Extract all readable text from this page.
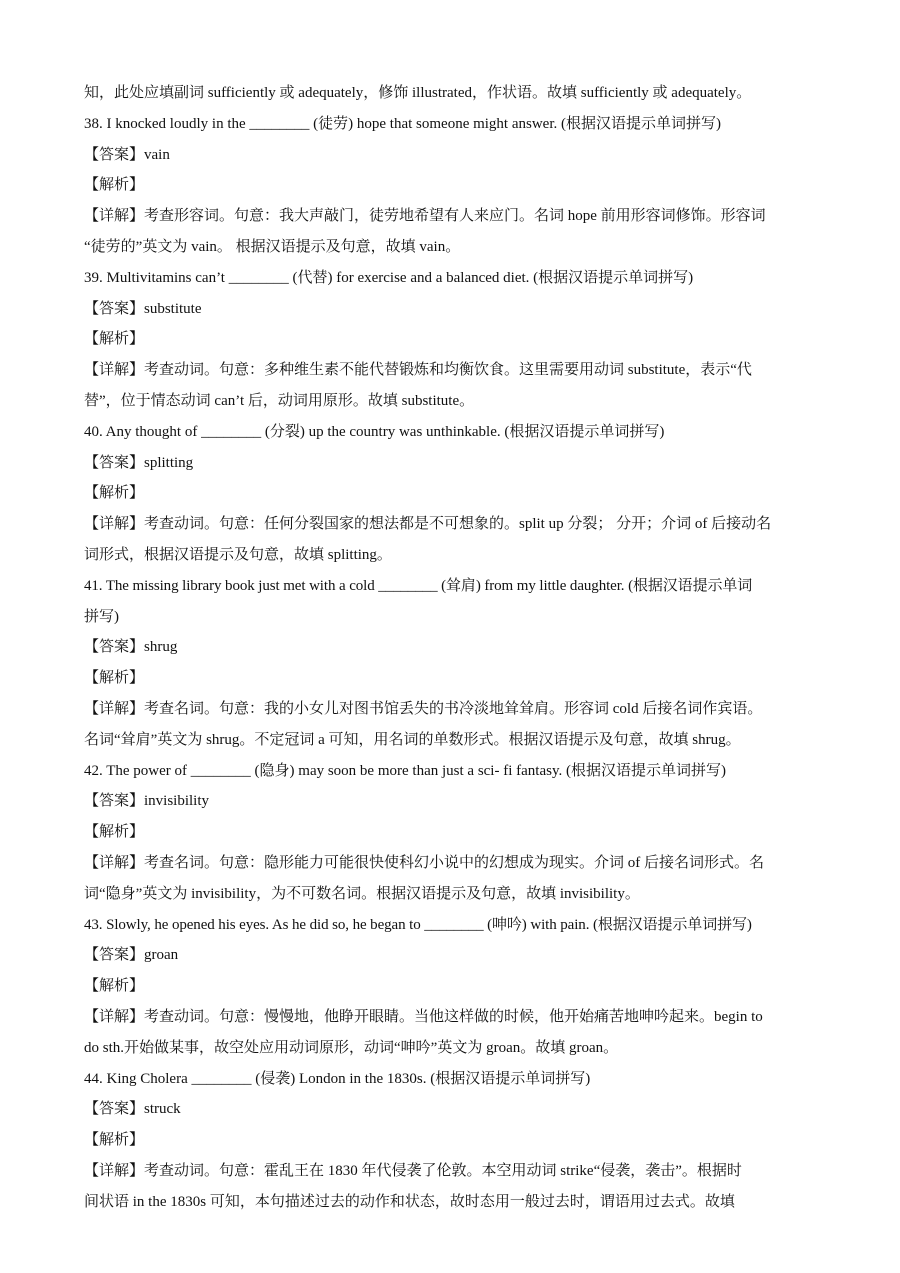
知，此处应填副词 sufficiently 或 adequately，修饰 illustrated，作状语。故填 sufficiently 或 adequately。
38. I knocked loudly in the ________ (徒劳) hope that someone might answer. (根据汉语提示单词拼写)
【答案】vain
【解析】
【详解】考查形容词。句意：我大声敲门，徒劳地希望有人来应门。名词 hope 前用形容词修饰。形容词
“徒劳的”英文为 vain。 根据汉语提示及句意，故填 vain。
39. Multivitamins can’t ________ (代替) for exercise and a balanced diet. (根据汉语提示单词拼写)
【答案】substitute
【解析】
【详解】考查动词。句意：多种维生素不能代替锻炼和均衡饮食。这里需要用动词 substitute，表示“代
替”，位于情态动词 can’t 后，动词用原形。故填 substitute。
40. Any thought of ________ (分裂) up the country was unthinkable. (根据汉语提示单词拼写)
【答案】splitting
【解析】
【详解】考查动词。句意：任何分裂国家的想法都是不可想象的。split up 分裂； 分开；介词 of 后接动名
词形式，根据汉语提示及句意，故填 splitting。
41. The missing library book just met with a cold ________ (耸肩) from my little daughter. (根据汉语提示单词
拼写)
【答案】shrug
【解析】
【详解】考查名词。句意：我的小女儿对图书馆丢失的书冷淡地耸耸肩。形容词 cold 后接名词作宾语。
名词“耸肩”英文为 shrug。不定冠词 a 可知，用名词的单数形式。根据汉语提示及句意，故填 shrug。
42. The power of ________ (隐身) may soon be more than just a sci- fi fantasy. (根据汉语提示单词拼写)
【答案】invisibility
【解析】
【详解】考查名词。句意：隐形能力可能很快使科幻小说中的幻想成为现实。介词 of 后接名词形式。名
词“隐身”英文为 invisibility，为不可数名词。根据汉语提示及句意，故填 invisibility。
43. Slowly, he opened his eyes. As he did so, he began to ________ (呻吟) with pain. (根据汉语提示单词拼写)
【答案】groan
【解析】
【详解】考查动词。句意：慢慢地，他睁开眼睛。当他这样做的时候，他开始痛苦地呻吟起来。begin to
do sth.开始做某事，故空处应用动词原形，动词“呻吟”英文为 groan。故填 groan。
44. King Cholera ________ (侵袭) London in the 1830s. (根据汉语提示单词拼写)
【答案】struck
【解析】
【详解】考查动词。句意：霍乱王在 1830 年代侵袭了伦敦。本空用动词 strike“侵袭，袭击”。根据时
间状语 in the 1830s 可知，本句描述过去的动作和状态，故时态用一般过去时，谓语用过去式。故填
